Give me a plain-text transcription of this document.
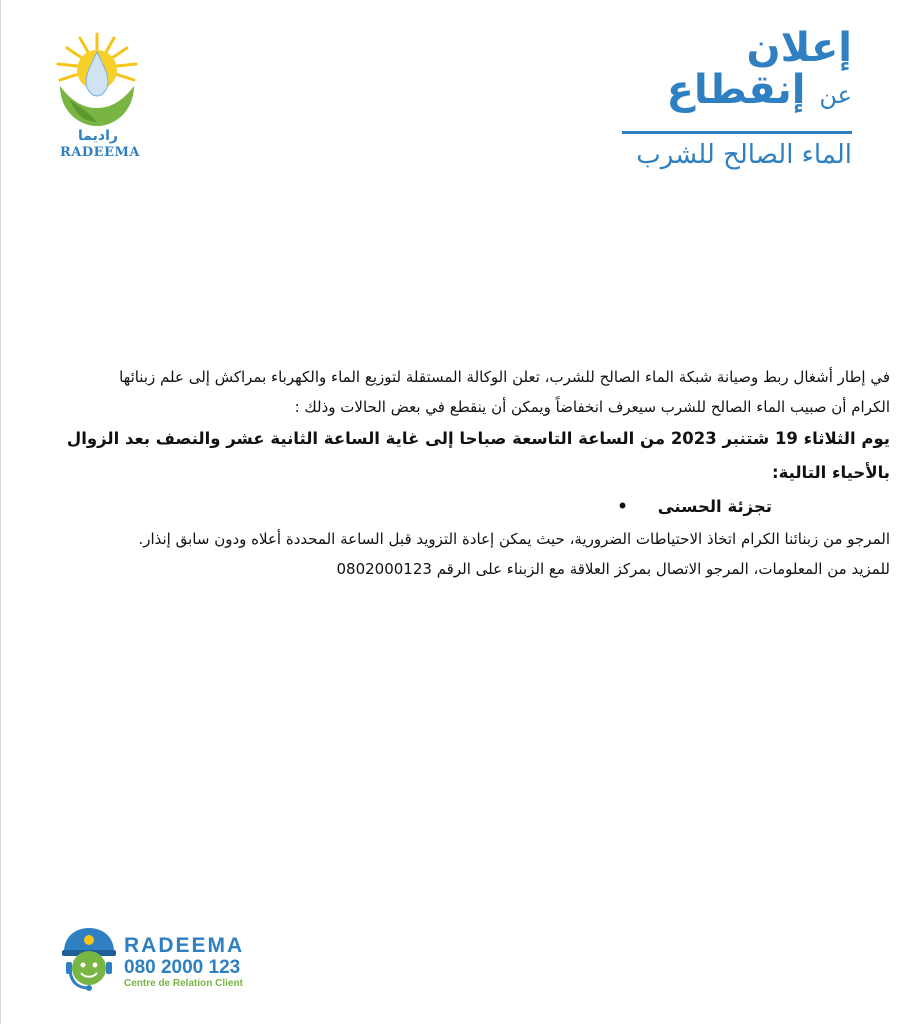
راديما
RADEEMA
إعلان
عن إنقطاع
الماء الصالح للشرب

في إطار أشغال ربط وصيانة شبكة الماء الصالح للشرب، تعلن الوكالة المستقلة لتوزيع الماء والكهرباء بمراكش إلى علم زبنائها

الكرام أن صبيب الماء الصالح للشرب سيعرف انخفاضاً ويمكن أن ينقطع في بعض الحالات وذلك :

يوم الثلاثاء 19 شتنبر 2023 من الساعة التاسعة صباحا إلى غاية الساعة الثانية عشر والنصف بعد الزوال

بالأحياء التالية:

تجزئة الحسنى•

المرجو من زبنائنا الكرام اتخاذ الاحتياطات الضرورية، حيث يمكن إعادة التزويد قبل الساعة المحددة أعلاه ودون سابق إنذار.

للمزيد من المعلومات، المرجو الاتصال بمركز العلاقة مع الزبناء على الرقم 0802000123

RADEEMA
080 2000 123
Centre de Relation Client
